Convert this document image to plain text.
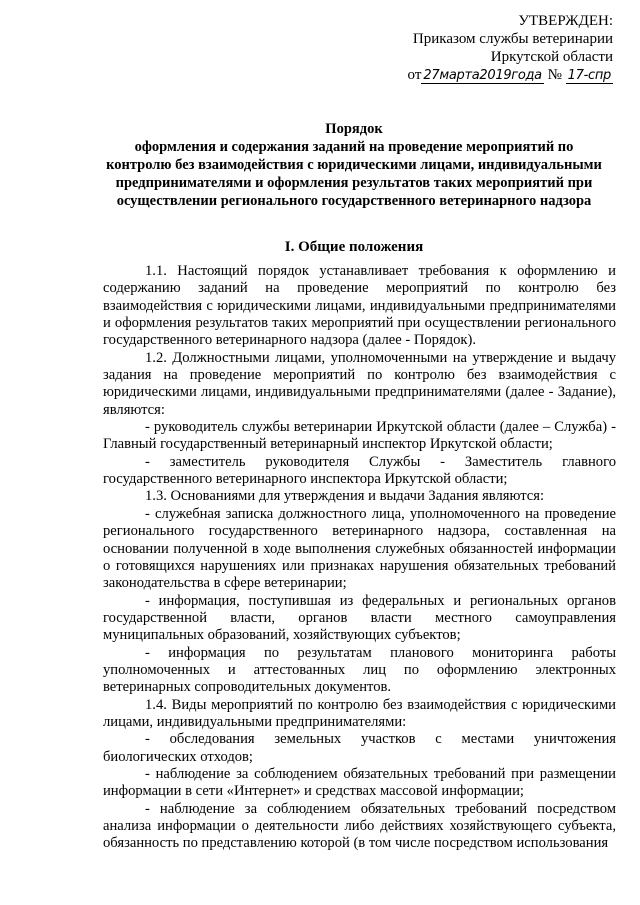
УТВЕРЖДЕН:
Приказом службы ветеринарии
Иркутской области
от 27марта2019года № 17-спр
Порядок
оформления и содержания заданий на проведение мероприятий по
контролю без взаимодействия с юридическими лицами, индивидуальными
предпринимателями и оформления результатов таких мероприятий при
осуществлении регионального государственного ветеринарного надзора
I. Общие положения

1.1. Настоящий порядок устанавливает требования к оформлению и содержанию заданий на проведение мероприятий по контролю без взаимодействия с юридическими лицами, индивидуальными предпринимателями и оформления результатов таких мероприятий при осуществлении регионального государственного ветеринарного надзора (далее - Порядок).

1.2. Должностными лицами, уполномоченными на утверждение и выдачу задания на проведение мероприятий по контролю без взаимодействия с юридическими лицами, индивидуальными предпринимателями (далее - Задание), являются:

- руководитель службы ветеринарии Иркутской области (далее – Служба) - Главный государственный ветеринарный инспектор Иркутской области;

- заместитель руководителя Службы - Заместитель главного государственного ветеринарного инспектора Иркутской области;

1.3. Основаниями для утверждения и выдачи Задания являются:

- служебная записка должностного лица, уполномоченного на проведение регионального государственного ветеринарного надзора, составленная на основании полученной в ходе выполнения служебных обязанностей информации о готовящихся нарушениях или признаках нарушения обязательных требований законодательства в сфере ветеринарии;

- информация, поступившая из федеральных и региональных органов государственной власти, органов власти местного самоуправления муниципальных образований, хозяйствующих субъектов;

- информация по результатам планового мониторинга работы уполномоченных и аттестованных лиц по оформлению электронных ветеринарных сопроводительных документов.

1.4. Виды мероприятий по контролю без взаимодействия с юридическими лицами, индивидуальными предпринимателями:

- обследования земельных участков с местами уничтожения биологических отходов;

- наблюдение за соблюдением обязательных требований при размещении информации в сети «Интернет» и средствах массовой информации;

- наблюдение за соблюдением обязательных требований посредством анализа информации о деятельности либо действиях хозяйствующего субъекта, обязанность по представлению которой (в том числе посредством использования
